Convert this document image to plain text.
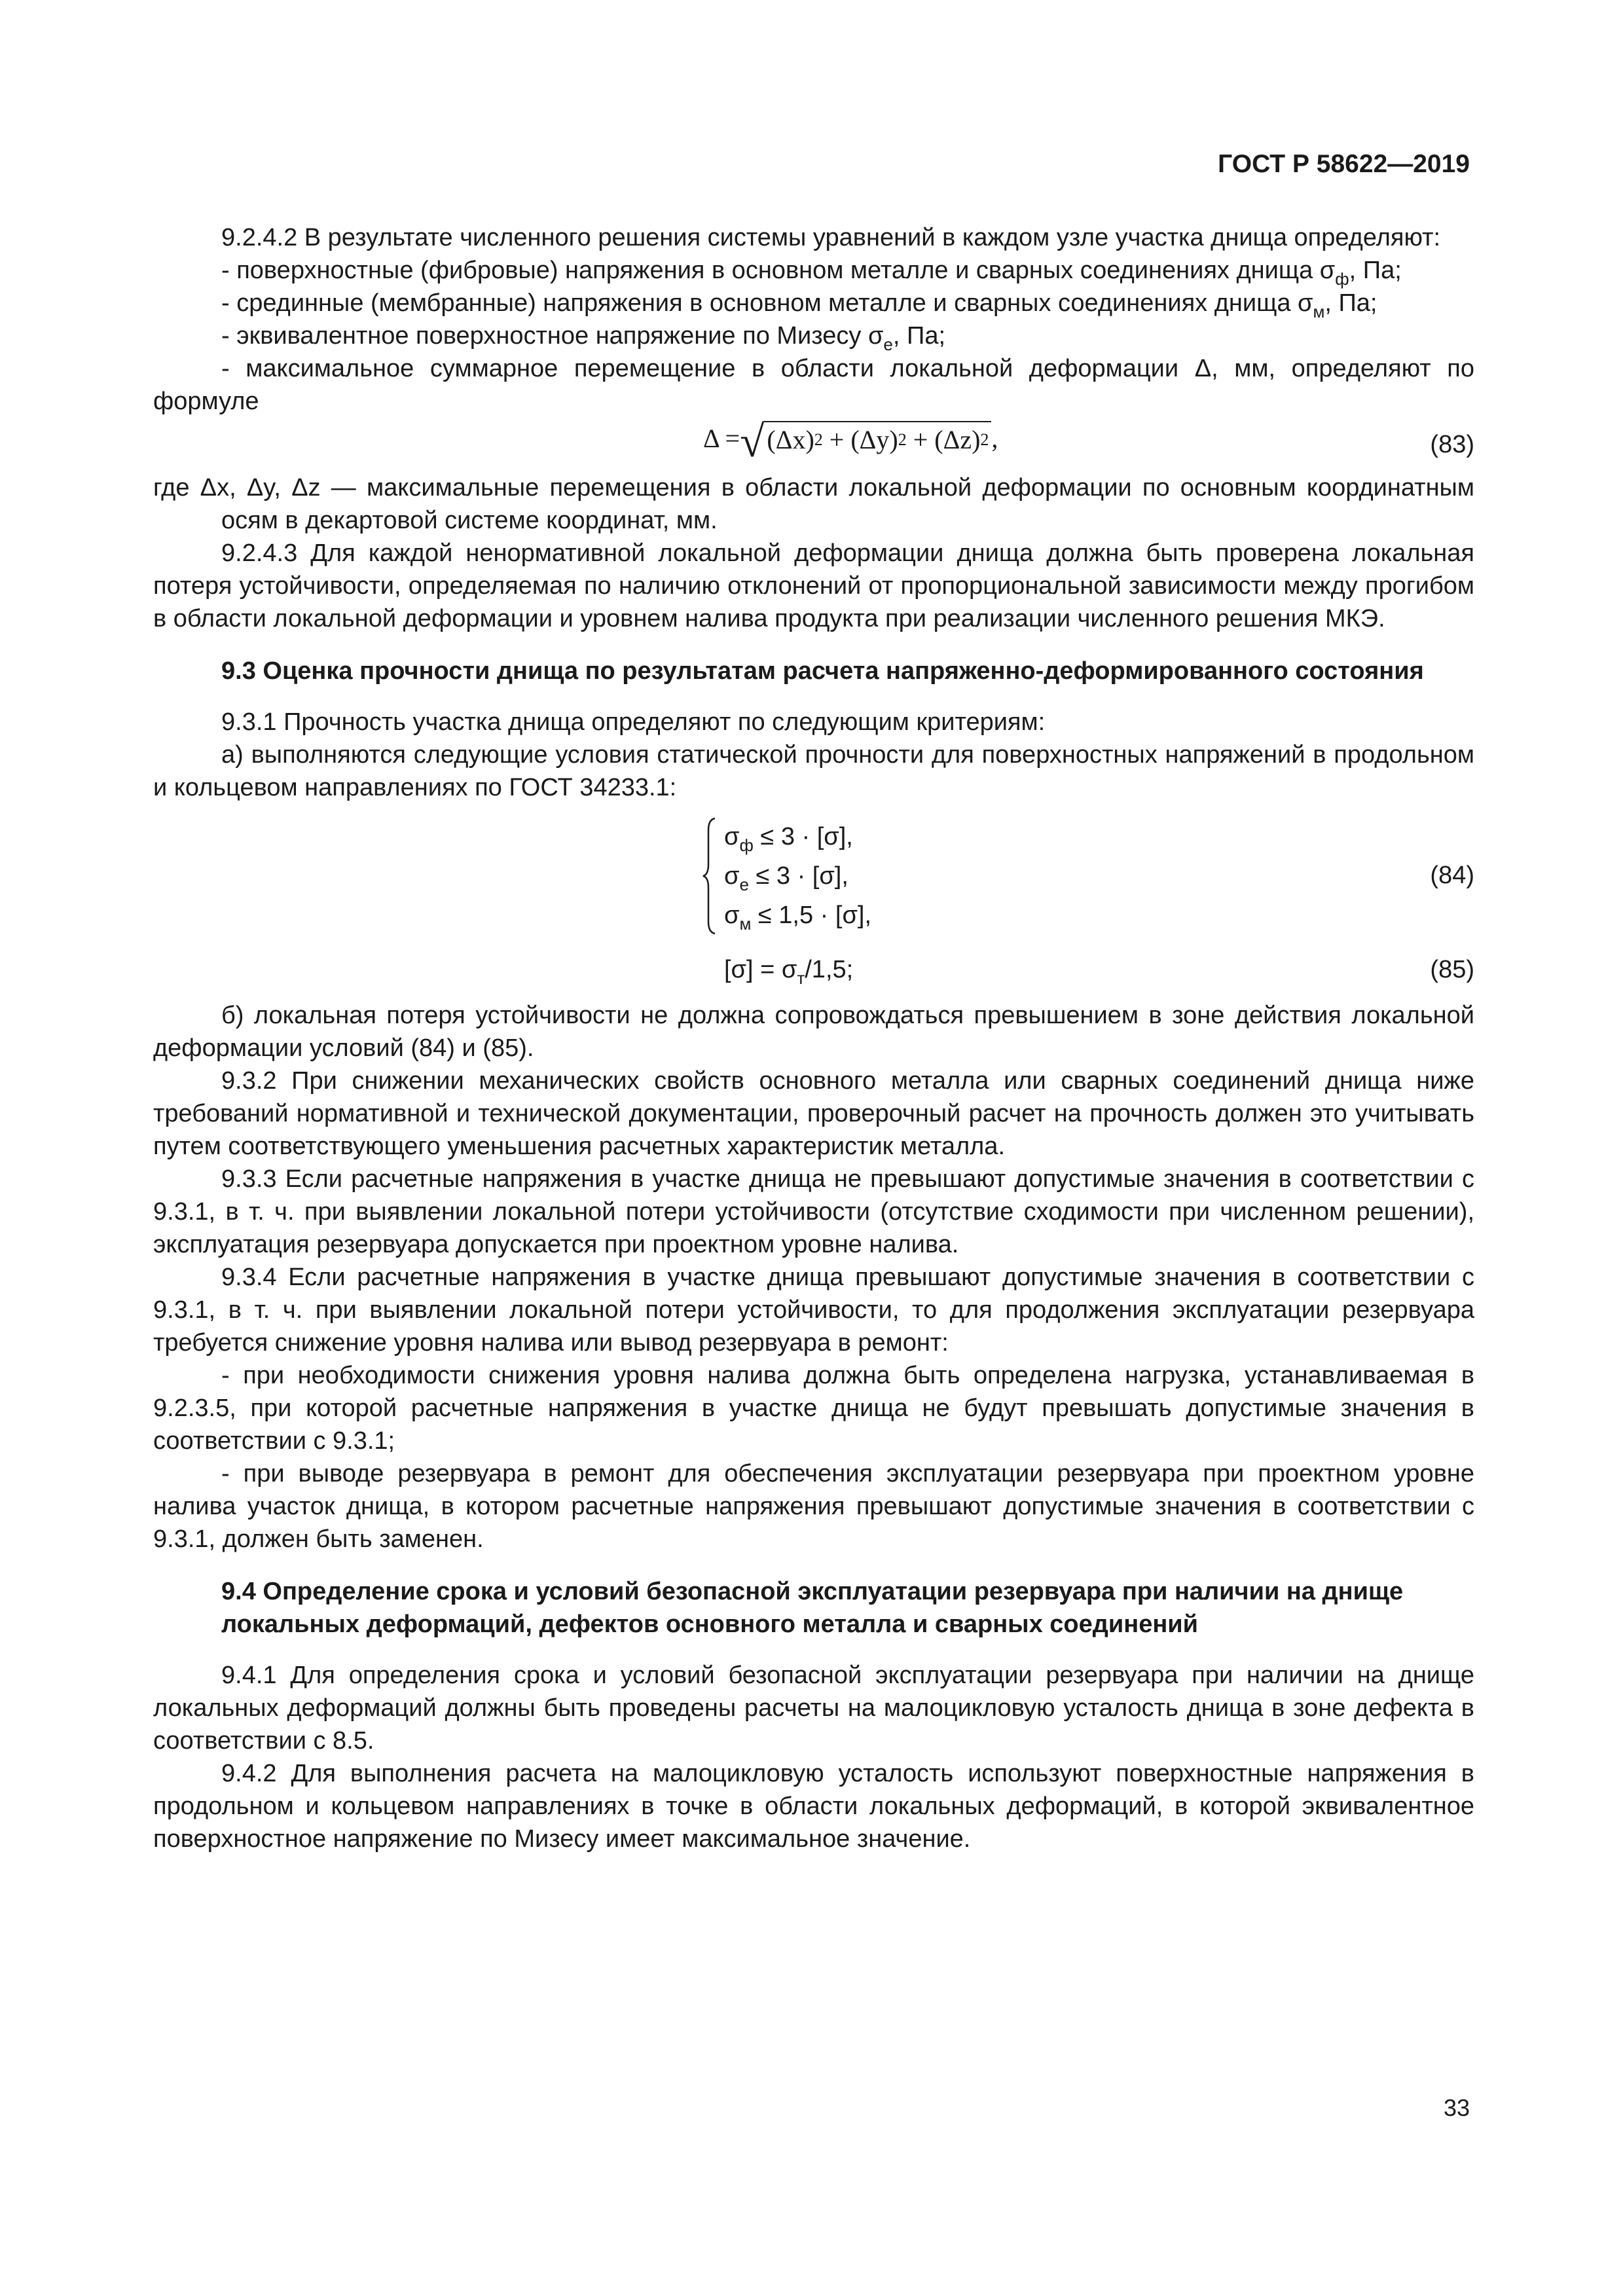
ГОСТ Р 58622—2019

9.2.4.2 В результате численного решения системы уравнений в каждом узле участка днища определяют:

- поверхностные (фибровые) напряжения в основном металле и сварных соединениях днища $\sigma_ф$, Па;

- срединные (мембранные) напряжения в основном металле и сварных соединениях днища $\sigma_м$, Па;

- эквивалентное поверхностное напряжение по Мизесу $\sigma_е$, Па;

- максимальное суммарное перемещение в области локальной деформации Δ, мм, определяют по формуле

Δ = √ (Δx) 2 + (Δy) 2 + (Δz) 2 ,	(83)

где Δx, Δy, Δz — максимальные перемещения в области локальной деформации по основным координатным осям в декартовой системе координат, мм.

9.2.4.3 Для каждой ненормативной локальной деформации днища должна быть проверена локальная потеря устойчивости, определяемая по наличию отклонений от пропорциональной зависимости между прогибом в области локальной деформации и уровнем налива продукта при реализации численного решения МКЭ.

9.3 Оценка прочности днища по результатам расчета напряженно-деформированного состояния

9.3.1 Прочность участка днища определяют по следующим критериям:

а) выполняются следующие условия статической прочности для поверхностных напряжений в продольном и кольцевом направлениях по ГОСТ 34233.1:

$\sigma_ф \le 3 \cdot [\sigma]$,
$\sigma_е \le 3 \cdot [\sigma]$,
$\sigma_м \le 1,5 \cdot [\sigma]$,
(84)
$[\sigma] = \sigma_т/1,5$;	(85)

б) локальная потеря устойчивости не должна сопровождаться превышением в зоне действия локальной деформации условий (84) и (85).

9.3.2 При снижении механических свойств основного металла или сварных соединений днища ниже требований нормативной и технической документации, проверочный расчет на прочность должен это учитывать путем соответствующего уменьшения расчетных характеристик металла.

9.3.3 Если расчетные напряжения в участке днища не превышают допустимые значения в соответствии с 9.3.1, в т. ч. при выявлении локальной потери устойчивости (отсутствие сходимости при численном решении), эксплуатация резервуара допускается при проектном уровне налива.

9.3.4 Если расчетные напряжения в участке днища превышают допустимые значения в соответствии с 9.3.1, в т. ч. при выявлении локальной потери устойчивости, то для продолжения эксплуатации резервуара требуется снижение уровня налива или вывод резервуара в ремонт:

- при необходимости снижения уровня налива должна быть определена нагрузка, устанавливаемая в 9.2.3.5, при которой расчетные напряжения в участке днища не будут превышать допустимые значения в соответствии с 9.3.1;

- при выводе резервуара в ремонт для обеспечения эксплуатации резервуара при проектном уровне налива участок днища, в котором расчетные напряжения превышают допустимые значения в соответствии с 9.3.1, должен быть заменен.

9.4 Определение срока и условий безопасной эксплуатации резервуара при наличии на днище локальных деформаций, дефектов основного металла и сварных соединений

9.4.1 Для определения срока и условий безопасной эксплуатации резервуара при наличии на днище локальных деформаций должны быть проведены расчеты на малоцикловую усталость днища в зоне дефекта в соответствии с 8.5.

9.4.2 Для выполнения расчета на малоцикловую усталость используют поверхностные напряжения в продольном и кольцевом направлениях в точке в области локальных деформаций, в которой эквивалентное поверхностное напряжение по Мизесу имеет максимальное значение.

33
